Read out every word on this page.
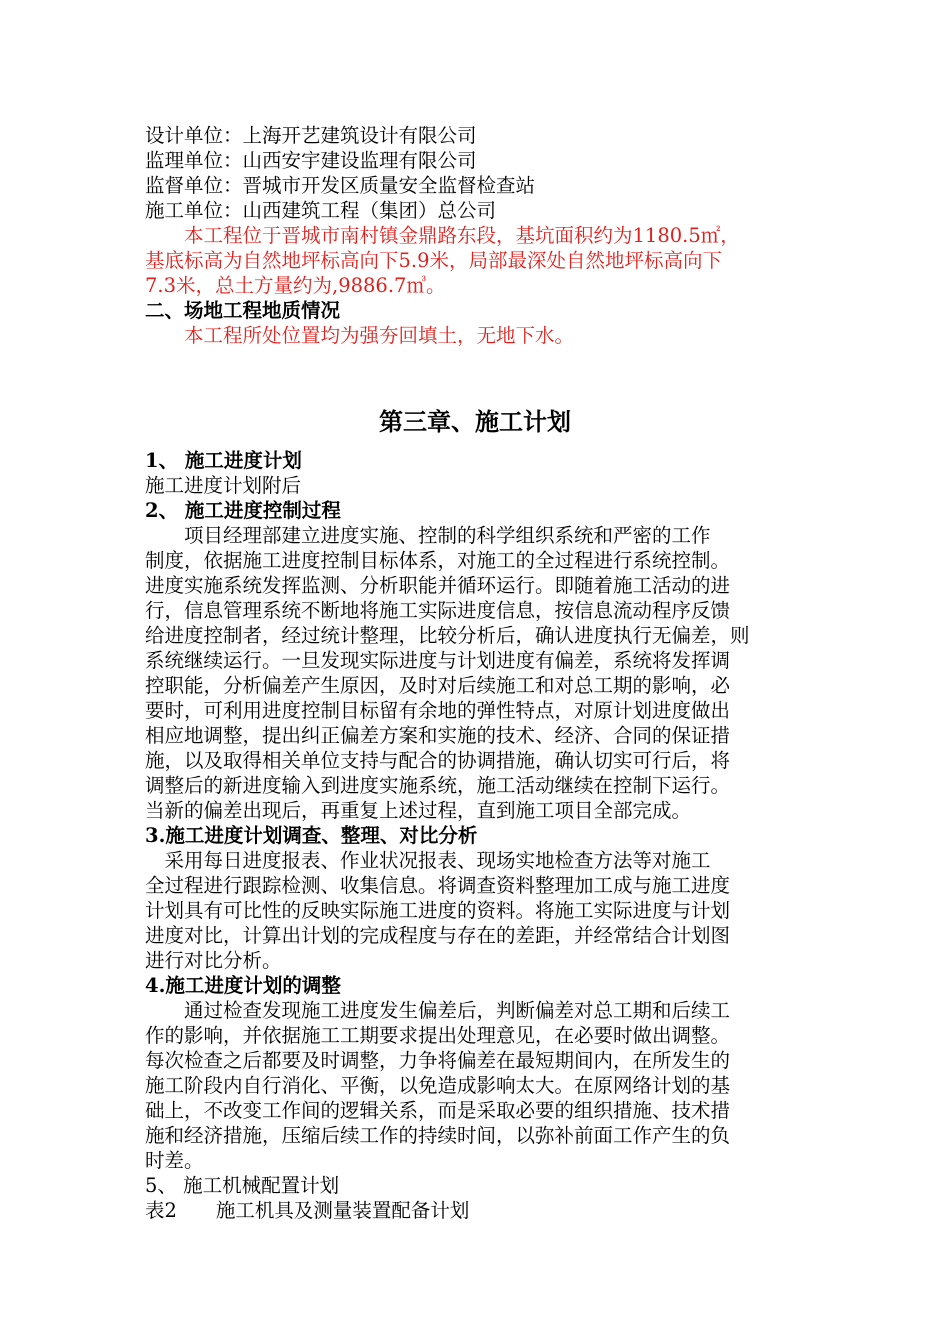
设计单位：上海开艺建筑设计有限公司
监理单位：山西安宇建设监理有限公司
监督单位：晋城市开发区质量安全监督检查站
施工单位：山西建筑工程（集团）总公司
　　本工程位于晋城市南村镇金鼎路东段，基坑面积约为1180.5㎡，
基底标高为自然地坪标高向下5.9米，局部最深处自然地坪标高向下
7.3米，总土方量约为,9886.7㎥。
二、场地工程地质情况
　　本工程所处位置均为强夯回填土，无地下水。
第三章、施工计划
1、 施工进度计划
施工进度计划附后
2、 施工进度控制过程
　　项目经理部建立进度实施、控制的科学组织系统和严密的工作
制度，依据施工进度控制目标体系，对施工的全过程进行系统控制。
进度实施系统发挥监测、分析职能并循环运行。即随着施工活动的进
行，信息管理系统不断地将施工实际进度信息，按信息流动程序反馈
给进度控制者，经过统计整理，比较分析后，确认进度执行无偏差，则
系统继续运行。一旦发现实际进度与计划进度有偏差，系统将发挥调
控职能，分析偏差产生原因，及时对后续施工和对总工期的影响，必
要时，可利用进度控制目标留有余地的弹性特点，对原计划进度做出
相应地调整，提出纠正偏差方案和实施的技术、经济、合同的保证措
施，以及取得相关单位支持与配合的协调措施，确认切实可行后，将
调整后的新进度输入到进度实施系统，施工活动继续在控制下运行。
当新的偏差出现后，再重复上述过程，直到施工项目全部完成。
3.施工进度计划调查、整理、对比分析
　采用每日进度报表、作业状况报表、现场实地检查方法等对施工
全过程进行跟踪检测、收集信息。将调查资料整理加工成与施工进度
计划具有可比性的反映实际施工进度的资料。将施工实际进度与计划
进度对比，计算出计划的完成程度与存在的差距，并经常结合计划图
进行对比分析。
4.施工进度计划的调整
　　通过检查发现施工进度发生偏差后，判断偏差对总工期和后续工
作的影响，并依据施工工期要求提出处理意见，在必要时做出调整。
每次检查之后都要及时调整，力争将偏差在最短期间内，在所发生的
施工阶段内自行消化、平衡，以免造成影响太大。在原网络计划的基
础上，不改变工作间的逻辑关系，而是采取必要的组织措施、技术措
施和经济措施，压缩后续工作的持续时间，以弥补前面工作产生的负
时差。
5、 施工机械配置计划
表2　　施工机具及测量装置配备计划
